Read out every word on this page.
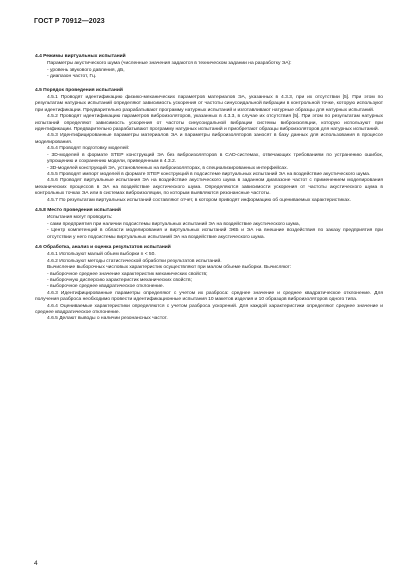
ГОСТ Р 70912—2023
4.4 Режимы виртуальных испытаний
Параметры акустического шума (численные значения задаются в техническом задании на разработку ЭА):
- уровень звукового давления, дБ,
- диапазон частот, Гц.
4.5 Порядок проведения испытаний
4.5.1 Проводят идентификацию физико-механических параметров материалов ЭА, указанных в 4.3.3, при их отсутствии [5]. При этом по результатам натурных испытаний определяют зависимость ускорения от частоты синусоидальной вибрации в контрольной точке, которую используют при идентификации. Предварительно разрабатывают программу натурных испытаний и изготавливают натурные образцы для натурных испытаний.
4.5.2 Проводят идентификацию параметров виброизоляторов, указанных в 4.3.3, в случае их отсутствия [5]. При этом по результатам натурных испытаний определяют зависимость ускорения от частоты синусоидальной вибрации системы виброизоляции, которую используют при идентификации. Предварительно разрабатывают программу натурных испытаний и приобретают образцы виброизоляторов для натурных испытаний.
4.5.3 Идентифицированные параметры материалов ЭА и параметры виброизоляторов заносят в базу данных для использования в процессе моделирования.
4.5.4 Проводят подготовку моделей:
- 3D-моделей в формате STEP конструкций ЭА без виброизоляторов в CAD-системах, отвечающих требованиям по устранению ошибок, упрощению и сохранению модели, приведенным в 4.3.2.
- 3D-моделей конструкций ЭА, установленных на виброизоляторах, в специализированных интерфейсах.
4.5.5 Проводят импорт моделей в формате STEP конструкций в подсистеме виртуальных испытаний ЭА на воздействие акустического шума.
4.5.6 Проводят виртуальные испытания ЭА на воздействие акустического шума в заданном диапазоне частот с применением моделирования механических процессов в ЭА на воздействие акустического шума. Определяются зависимости ускорения от частоты акустического шума в контрольных точках ЭА или в системах виброизоляции, по которым выявляются резонансные частоты.
4.5.7 По результатам виртуальных испытаний составляют отчет, в котором приводят информацию об оцениваемых характеристиках.
4.5.8 Место проведения испытаний
Испытания могут проводить:
- сами предприятия при наличии подсистемы виртуальных испытаний ЭА на воздействие акустического шума,
- Центр компетенций в области моделирования и виртуальных испытаний ЭКБ и ЭА на внешние воздействия по заказу предприятия при отсутствии у него подсистемы виртуальных испытаний ЭА на воздействие акустического шума.
4.6 Обработка, анализ и оценка результатов испытаний
4.6.1 Используют малый объем выборки n < 50.
4.6.2 Используют методы статистической обработки результатов испытаний.
Вычисление выборочных числовых характеристик осуществляют при малом объеме выборки. Вычисляют:
- выборочное среднее значение характеристик механических свойств;
- выборочную дисперсию характеристик механических свойств;
- выборочное среднее квадратическое отклонение.
4.6.3 Идентифицированные параметры определяют с учетом их разброса: среднее значение и среднее квадратическое отклонение. Для получения разброса необходимо провести идентификационные испытания 10 макетов изделия и 10 образцов виброизоляторов одного типа.
4.6.4 Оцениваемые характеристики определяются с учетом разброса ускорений. Для каждой характеристики определяют среднее значение и среднее квадратическое отклонение.
4.6.5 Делают выводы о наличии резонансных частот.
4
